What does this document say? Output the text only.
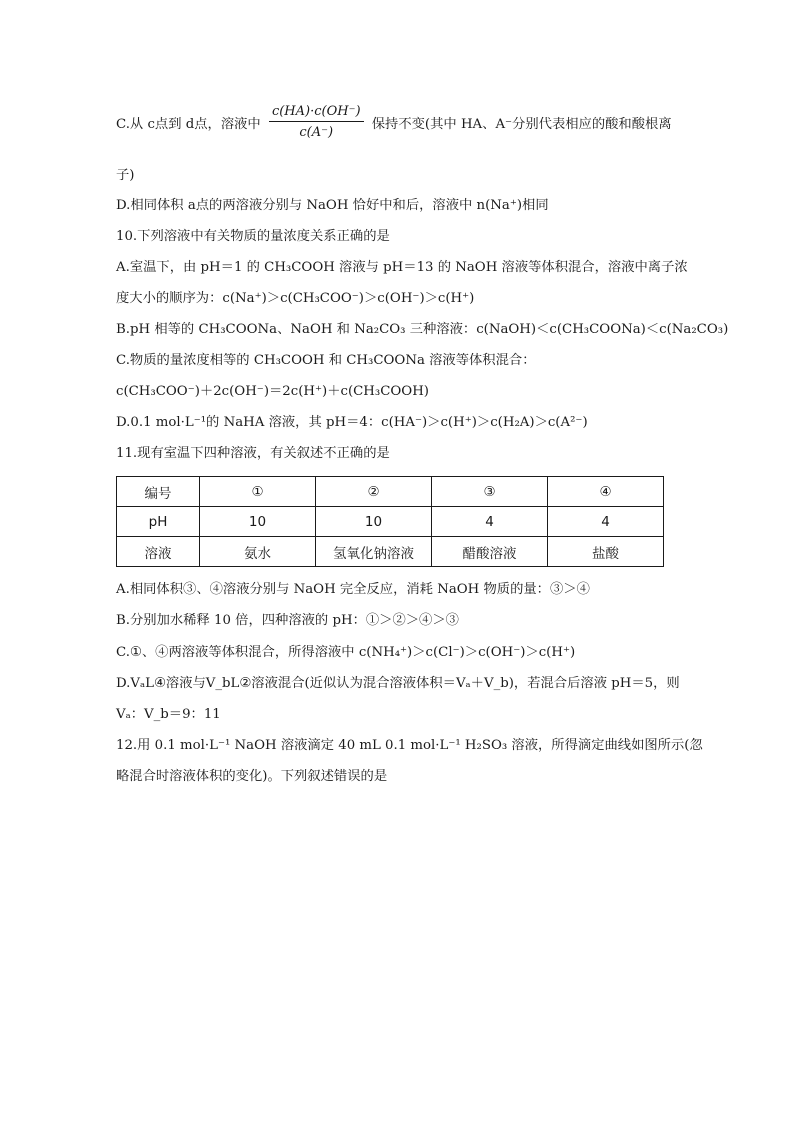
C.从 c点到 d点，溶液中 $\frac{c(HA)\cdot c(OH^-)}{c(A^-)}$ 保持不变(其中 HA、A⁻分别代表相应的酸和酸根离
子)
D.相同体积 a点的两溶液分别与 NaOH 恰好中和后，溶液中 n(Na⁺)相同
10.下列溶液中有关物质的量浓度关系正确的是
A.室温下，由 pH＝1 的 CH₃COOH 溶液与 pH＝13 的 NaOH 溶液等体积混合，溶液中离子浓
度大小的顺序为：c(Na⁺)＞c(CH₃COO⁻)＞c(OH⁻)＞c(H⁺)
B.pH 相等的 CH₃COONa、NaOH 和 Na₂CO₃ 三种溶液：c(NaOH)＜c(CH₃COONa)＜c(Na₂CO₃)
C.物质的量浓度相等的 CH₃COOH 和 CH₃COONa 溶液等体积混合：
c(CH₃COO⁻)＋2c(OH⁻)＝2c(H⁺)＋c(CH₃COOH)
D.0.1 mol·L⁻¹的 NaHA 溶液，其 pH＝4：c(HA⁻)＞c(H⁺)＞c(H₂A)＞c(A²⁻)
11.现有室温下四种溶液，有关叙述不正确的是
编号	①	②	③	④
pH	10	10	4	4
溶液	氨水	氢氧化钠溶液	醋酸溶液	盐酸
A.相同体积③、④溶液分别与 NaOH 完全反应，消耗 NaOH 物质的量：③＞④
B.分别加水稀释 10 倍，四种溶液的 pH：①＞②＞④＞③
C.①、④两溶液等体积混合，所得溶液中 c(NH₄⁺)＞c(Cl⁻)＞c(OH⁻)＞c(H⁺)
D.VₐL④溶液与V_bL②溶液混合(近似认为混合溶液体积＝Vₐ＋V_b)，若混合后溶液 pH＝5，则
Vₐ：V_b＝9：11
12.用 0.1 mol·L⁻¹ NaOH 溶液滴定 40 mL 0.1 mol·L⁻¹ H₂SO₃ 溶液，所得滴定曲线如图所示(忽
略混合时溶液体积的变化)。下列叙述错误的是
